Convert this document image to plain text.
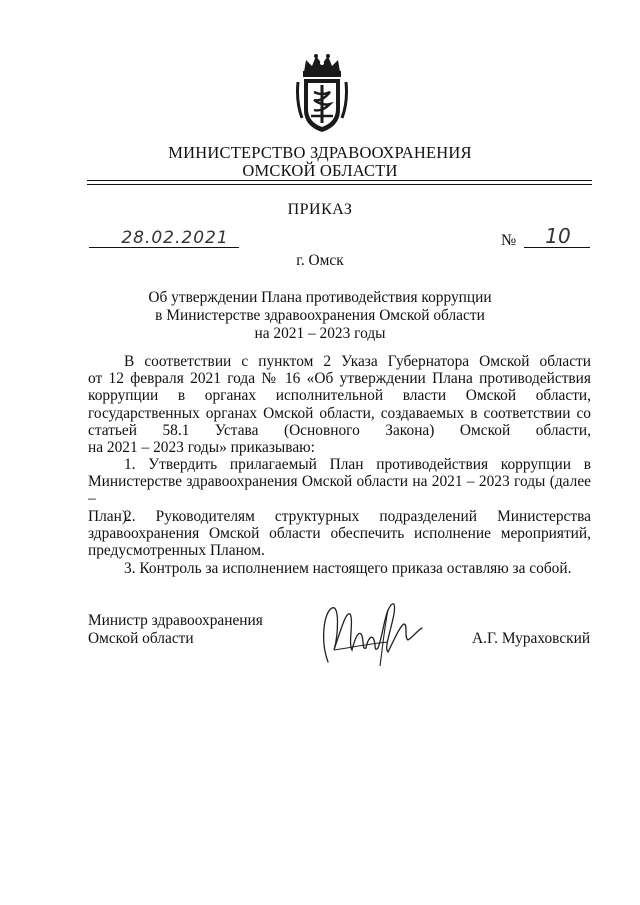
МИНИСТЕРСТВО ЗДРАВООХРАНЕНИЯ
ОМСКОЙ ОБЛАСТИ
ПРИКАЗ
28.02.2021	№	10
г. Омск
Об утверждении Плана противодействия коррупции
в Министерстве здравоохранения Омской области
на 2021 – 2023 годы
В соответствии с пунктом 2 Указа Губернатора Омской области
от 12 февраля 2021 года № 16 «Об утверждении Плана противодействия
коррупции в органах исполнительной власти Омской области,
государственных органах Омской области, создаваемых в соответствии со
статьей 58.1 Устава (Основного Закона) Омской области,
на 2021 – 2023 годы» приказываю:
1. Утвердить прилагаемый План противодействия коррупции в
Министерстве здравоохранения Омской области на 2021 – 2023 годы (далее –
План).
2. Руководителям структурных подразделений Министерства
здравоохранения Омской области обеспечить исполнение мероприятий,
предусмотренных Планом.
3. Контроль за исполнением настоящего приказа оставляю за собой.
Министр здравоохранения
Омской области	А.Г. Мураховский
